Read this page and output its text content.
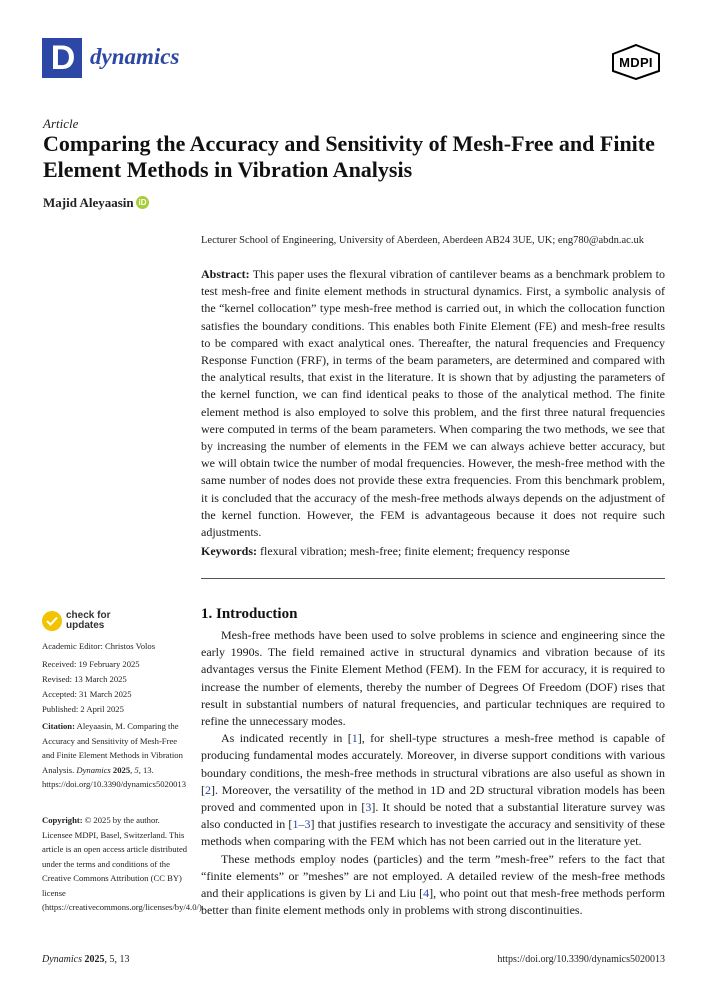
D dynamics	MDPI
Article
Comparing the Accuracy and Sensitivity of Mesh-Free and Finite Element Methods in Vibration Analysis
Majid Aleyaasin iD
Lecturer School of Engineering, University of Aberdeen, Aberdeen AB24 3UE, UK; eng780@abdn.ac.uk
Abstract: This paper uses the flexural vibration of cantilever beams as a benchmark problem to test mesh-free and finite element methods in structural dynamics. First, a symbolic analysis of the “kernel collocation” type mesh-free method is carried out, in which the collocation function satisfies the boundary conditions. This enables both Finite Element (FE) and mesh-free results to be compared with exact analytical ones. Thereafter, the natural frequencies and Frequency Response Function (FRF), in terms of the beam parameters, are determined and compared with the analytical results, that exist in the literature. It is shown that by adjusting the parameters of the kernel function, we can find identical peaks to those of the analytical method. The finite element method is also employed to solve this problem, and the first three natural frequencies were computed in terms of the beam parameters. When comparing the two methods, we see that by increasing the number of elements in the FEM we can always achieve better accuracy, but we will obtain twice the number of modal frequencies. However, the mesh-free method with the same number of nodes does not provide these extra frequencies. From this benchmark problem, it is concluded that the accuracy of the mesh-free methods always depends on the adjustment of the kernel function. However, the FEM is advantageous because it does not require such adjustments.
Keywords: flexural vibration; mesh-free; finite element; frequency response
check for
updates
Academic Editor: Christos Volos
Received: 19 February 2025
Revised: 13 March 2025
Accepted: 31 March 2025
Published: 2 April 2025
Citation: Aleyaasin, M. Comparing the Accuracy and Sensitivity of Mesh-Free and Finite Element Methods in Vibration Analysis. Dynamics 2025, 5, 13. https://doi.org/10.3390/dynamics5020013
Copyright: © 2025 by the author. Licensee MDPI, Basel, Switzerland. This article is an open access article distributed under the terms and conditions of the Creative Commons Attribution (CC BY) license (https://creativecommons.org/licenses/by/4.0/).
1. Introduction

Mesh-free methods have been used to solve problems in science and engineering since the early 1990s. The field remained active in structural dynamics and vibration because of its advantages versus the Finite Element Method (FEM). In the FEM for accuracy, it is required to increase the number of elements, thereby the number of Degrees Of Freedom (DOF) rises that result in substantial numbers of natural frequencies, and particular techniques are required to refine the unnecessary modes.

As indicated recently in [1], for shell-type structures a mesh-free method is capable of producing fundamental modes accurately. Moreover, in diverse support conditions with various boundary conditions, the mesh-free methods in structural vibrations are also useful as shown in [2]. Moreover, the versatility of the method in 1D and 2D structural vibration models has been proved and commented upon in [3]. It should be noted that a substantial literature survey was also conducted in [1–3] that justifies research to investigate the accuracy and sensitivity of these methods when comparing with the FEM which has not been carried out in the literature yet.

These methods employ nodes (particles) and the term ”mesh-free” refers to the fact that “finite elements” or ”meshes” are not employed. A detailed review of the mesh-free methods and their applications is given by Li and Liu [4], who point out that mesh-free methods perform better than finite element methods only in problems with strong discontinuities.

Dynamics 2025, 5, 13	https://doi.org/10.3390/dynamics5020013
